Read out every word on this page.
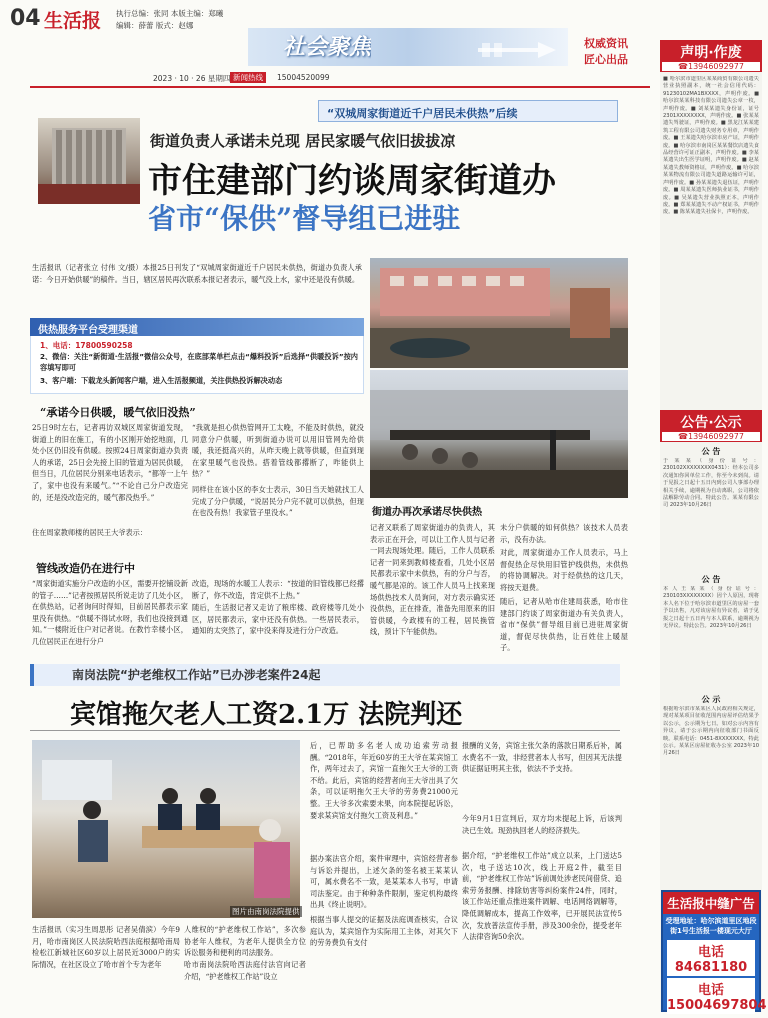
04 生活报 执行总编：张同 本版主编：郑曦
编辑：薛蕾 版式：赵娜
社会聚焦	权威资讯
匠心出品
2023 · 10 · 26 星期四 新闻热线	15004520099
“双城周家街道近千户居民未供热”后续
街道负责人承诺未兑现 居民家暖气依旧拔拔凉
市住建部门约谈周家街道办
省市“保供”督导组已进驻
生活报讯（记者张立 付伟 文/摄）本报25日刊发了“双城周家街道近千户居民未供热，街道办负责人承诺：今日开始供暖”的稿件。当日，辖区居民再次联系本报记者表示，暖气没上水，家中还是没有供暖。
供热服务平台受理渠道
1、电话：17800590258
2、微信：关注“新街道·生活报”微信公众号，在底部菜单栏点击“爆料投诉”后选择“供暖投诉”按内容填写即可
3、客户端：下载龙头新闻客户端，进入生活报频道，关注供热投诉解决动态
街道办再次承诺尽快供热
“承诺今日供暖，暖气依旧没热”
25日9时左右，记者再访双城区周家街道发现，街道上的旧在施工，有的小区刚开始挖地面，几处小区仍旧没有供暖。按照24日周家街道办负责人的承诺，25日会先接上旧的管道为居民供暖，但当日，几位居民分别来电话表示，“都等一上午了，家中也没有来暖气。”“不论自己分户改造完的，还是没改造完的，暖气都没热乎。”
住在周家教师楼的居民王大爷表示：
“我就是担心供热管网开工太晚，不能及时供热，就没同意分户供暖，听到街道办说可以用旧管网先给供暖，我还挺高兴的，从昨天晚上就等供暖，但直到现在家里暖气也没热。搭着管线都撂断了，咋能供上热？”
同样住在该小区的李女士表示，30日当天她就找工人完成了分户供暖，“说居民分户完不就可以供热，但现在也没有热！我家管子里没水。”
管线改造仍在进行中
“周家街道实施分户改造的小区，需要开挖铺设新的管子……”记者按照居民所说走访了几处小区，在供热站，记者询问时得知，目前居民都表示家里没有供热。“供暖不得试水呀，我们也没接到通知。”一楼附近住户对记者说。在教竹幸楼小区，几位居民正在进行分户
改造，现场的水暖工人表示：“按道的旧管线都已经撂断了，你不改造，肯定供不上热。”
随后，生活报记者又走访了粮库楼、政府楼等几处小区，居民都表示，家中还没有供热。一些居民表示，通知的太突然了，家中没来得及进行分户改造。
记者又联系了周家街道办的负责人，其表示正在开会，可以让工作人员与记者一同去现场处理。随后，工作人员联系记者一同来到教师楼查看，几处小区居民都表示家中未供热，有的分户与否，暖气都是凉的。该工作人员马上找来现场供热技术人员询问，对方表示确实还没供热，正在排查，准备先用原来的旧管供暖，今政楼有的工程，居民换管线，预计下午能供热。
未分户供暖的如何供热？该技术人员表示，没有办法。
对此，周家街道办工作人员表示，马上督促热企尽快用旧管护线供热，未供热的将协调解决。对于经供热的这几天，将按天退费。
随后，记者从哈市住建局获悉，哈市住建部门约谈了周家街道办有关负责人，省市“保供”督导组目前已进驻周家街道，督促尽快供热，让百姓住上暖屋子。
南岗法院“护老维权工作站”已办涉老案件24起
宾馆拖欠老人工资2.1万 法院判还
图片由南岗法院提供
生活报讯（实习生周思彤 记者吴倩滨）今年9月，哈市南岗区人民法院哈西法庭根据哈南局检松江新城社区60岁以上居民近3000户的实际情况，在社区设立了哈市首个专为老年
人维权的“护老维权工作站”，多次参协老年人维权，为老年人提供全方位诉讼服务和便利的司法服务。
哈市南岗法院哈西法庭付法官向记者介绍，“护老维权工作站”设立
后，已帮助多名老人成功追索劳动报酬。“2018年，年近60岁的王大爷在某宾馆工作，两年过去了，宾馆一直拖欠王大爷的工资不给。此后，宾馆的经营者向王大爷出具了欠条，可以证明拖欠王大爷的劳务费21000元整。王大爷多次索要未果，向本院提起诉讼，要求某宾馆支付拖欠工资及利息。”
据办案法官介绍，案件审理中，宾馆经营者参与诉讼并提出，上述欠条的签名被王某某认可，属水费名不一致，是某某本人书写，申请司法鉴定。由于种种条件限制，鉴定机构最终出具《终止说明》。
根据当事人提交的证据及法庭调查核实，合议庭认为，某宾馆作为实际用工主体，对其欠下的劳务费负有支付
报酬的义务，宾馆主张欠条的落款日期系后补，属水费名不一致，非经营者本人书写，但因其无法提供证据证明其主张，依法不予支持。
今年9月1日宣判后，双方均未提起上诉，后该判决已生效。现劲执回老人的经济损失。
据介绍，“护老维权工作站”成立以来，上门送达5次，电子送达10次，线上开庭2件，截至目前，“护老维权工作站”诉前调处涉老民间借贷、追索劳务报酬、排除妨害等纠纷案件24件，同时，该工作站还重点推进案件调解、电话网络调解等，降低调解成本，提高工作效率，已开展民法宣传5次，发放普法宣传手册，涉及300余份，提受老年人法律咨询50余次。
声明·作废
☎13946092977
■ 哈尔滨市道里区某某商贸有限公司遗失营业执照副本，统一社会信用代码：91230102MA1BXXXX，声明作废。■ 哈尔滨某某科技有限公司遗失公章一枚，声明作废。■ 刘某某遗失身份证，证号2301XXXXXXXX，声明作废。■ 张某某遗失驾驶证，声明作废。■ 黑龙江某某建筑工程有限公司遗失财务专用章，声明作废。■ 王某遗失哈尔滨市房产证，声明作废。■ 哈尔滨市南岗区某某餐饮店遗失食品经营许可证正副本，声明作废。■ 李某某遗失出生医学证明，声明作废。■ 赵某某遗失教师资格证，声明作废。■ 哈尔滨某某物流有限公司遗失道路运输许可证，声明作废。■ 孙某某遗失退伍证，声明作废。■ 周某某遗失医师执业证书，声明作废。■ 吴某遗失营业执照正本，声明作废。■ 郑某某遗失不动产权证书，声明作废。■ 陈某某遗失社保卡，声明作废。
公告·公示
☎13946092977
公 告
于某某（身份证号：230102XXXXXXXX0431）：经本公司多次通知你回单位工作，你至今未到岗。请于见报之日起十五日内到公司人事部办理相关手续，逾期视为自动离职，公司将依法解除劳动合同。特此公告。某某有限公司 2023年10月26日
公 告
本人王某某（身份证号：230103XXXXXXXX）因个人原因，现将本人名下位于哈尔滨市道里区的房屋一套予以出售，凡对该房屋有异议者，请于见报之日起十五日内与本人联系，逾期视为无异议。特此公告。2023年10月26日
公 示
根据哈尔滨市某某区人民政府相关规定，现对某某项目征收范围内房屋评估结果予以公示，公示期为七日。如对公示内容有异议，请于公示期内向征收部门书面反映。联系电话：0451-8XXXXXXX。特此公示。某某区房屋征收办公室 2023年10月26日
生活报中缝广告
受理地址：哈尔滨道里区地段街1号生活报一楼现元大厅
电话 84681180
电话 15004697804
